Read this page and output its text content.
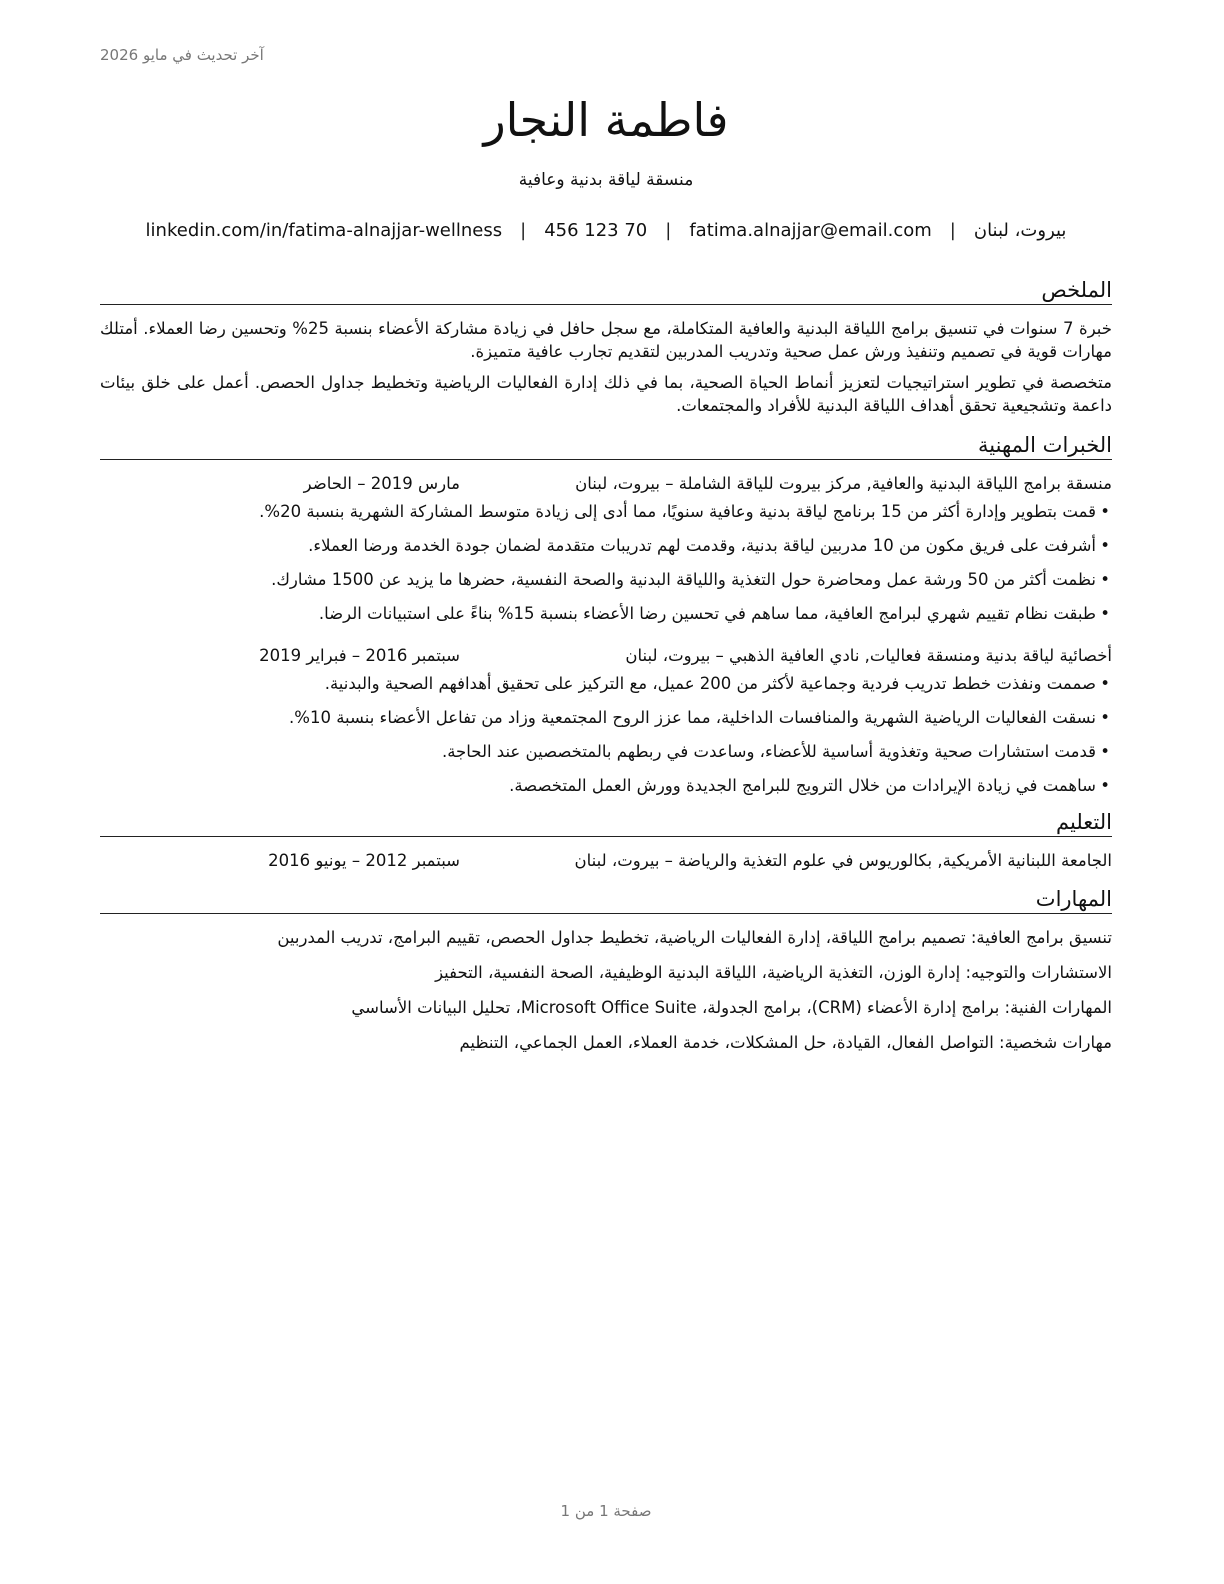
آخر تحديث في مايو 2026
فاطمة النجار
منسقة لياقة بدنية وعافية
بيروت، لبنان|fatima.alnajjar@email.com|456 123 70|linkedin.com/in/fatima-alnajjar-wellness
الملخص

خبرة 7 سنوات في تنسيق برامج اللياقة البدنية والعافية المتكاملة، مع سجل حافل في زيادة مشاركة الأعضاء بنسبة 25% وتحسين رضا العملاء. أمتلك مهارات قوية في تصميم وتنفيذ ورش عمل صحية وتدريب المدربين لتقديم تجارب عافية متميزة.

متخصصة في تطوير استراتيجيات لتعزيز أنماط الحياة الصحية، بما في ذلك إدارة الفعاليات الرياضية وتخطيط جداول الحصص. أعمل على خلق بيئات داعمة وتشجيعية تحقق أهداف اللياقة البدنية للأفراد والمجتمعات.

الخبرات المهنية
منسقة برامج اللياقة البدنية والعافية, مركز بيروت للياقة الشاملة – بيروت، لبنان
مارس 2019 – الحاضر
• قمت بتطوير وإدارة أكثر من 15 برنامج لياقة بدنية وعافية سنويًا، مما أدى إلى زيادة متوسط المشاركة الشهرية بنسبة 20%.
• أشرفت على فريق مكون من 10 مدربين لياقة بدنية، وقدمت لهم تدريبات متقدمة لضمان جودة الخدمة ورضا العملاء.
• نظمت أكثر من 50 ورشة عمل ومحاضرة حول التغذية واللياقة البدنية والصحة النفسية، حضرها ما يزيد عن 1500 مشارك.
• طبقت نظام تقييم شهري لبرامج العافية، مما ساهم في تحسين رضا الأعضاء بنسبة 15% بناءً على استبيانات الرضا.
أخصائية لياقة بدنية ومنسقة فعاليات, نادي العافية الذهبي – بيروت، لبنان
سبتمبر 2016 – فبراير 2019
• صممت ونفذت خطط تدريب فردية وجماعية لأكثر من 200 عميل، مع التركيز على تحقيق أهدافهم الصحية والبدنية.
• نسقت الفعاليات الرياضية الشهرية والمنافسات الداخلية، مما عزز الروح المجتمعية وزاد من تفاعل الأعضاء بنسبة 10%.
• قدمت استشارات صحية وتغذوية أساسية للأعضاء، وساعدت في ربطهم بالمتخصصين عند الحاجة.
• ساهمت في زيادة الإيرادات من خلال الترويج للبرامج الجديدة وورش العمل المتخصصة.
التعليم
الجامعة اللبنانية الأمريكية, بكالوريوس في علوم التغذية والرياضة – بيروت، لبنان
سبتمبر 2012 – يونيو 2016
المهارات
تنسيق برامج العافية: تصميم برامج اللياقة، إدارة الفعاليات الرياضية، تخطيط جداول الحصص، تقييم البرامج، تدريب المدربين
الاستشارات والتوجيه: إدارة الوزن، التغذية الرياضية، اللياقة البدنية الوظيفية، الصحة النفسية، التحفيز
المهارات الفنية: برامج إدارة الأعضاء (CRM)، برامج الجدولة، Microsoft Office Suite، تحليل البيانات الأساسي
مهارات شخصية: التواصل الفعال، القيادة، حل المشكلات، خدمة العملاء، العمل الجماعي، التنظيم
صفحة 1 من 1
